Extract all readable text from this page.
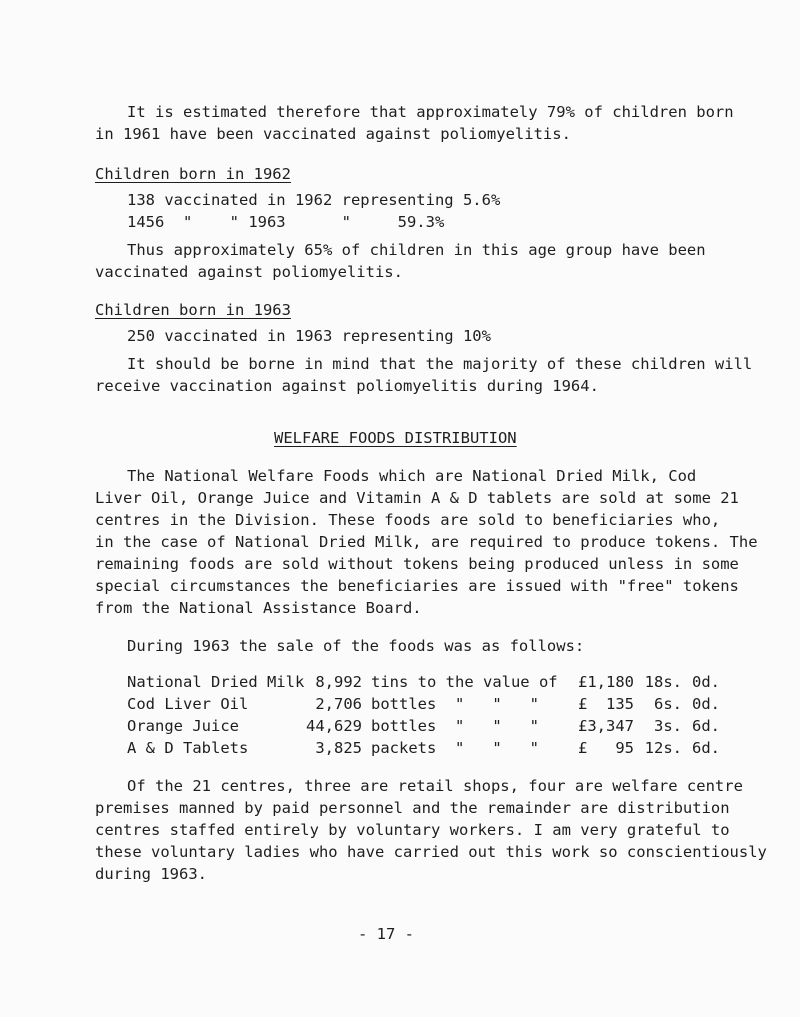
It is estimated therefore that approximately 79% of children born
in 1961 have been vaccinated against poliomyelitis.
Children born in 1962
138 vaccinated in 1962 representing 5.6%
1456  "    " 1963      "     59.3%
Thus approximately 65% of children in this age group have been
vaccinated against poliomyelitis.
Children born in 1963
250 vaccinated in 1963 representing 10%
It should be borne in mind that the majority of these children will
receive vaccination against poliomyelitis during 1964.
WELFARE FOODS DISTRIBUTION
The National Welfare Foods which are National Dried Milk, Cod
Liver Oil, Orange Juice and Vitamin A & D tablets are sold at some 21
centres in the Division. These foods are sold to beneficiaries who,
in the case of National Dried Milk, are required to produce tokens. The
remaining foods are sold without tokens being produced unless in some
special circumstances the beneficiaries are issued with "free" tokens
from the National Assistance Board.
During 1963 the sale of the foods was as follows:
National Dried Milk 8,992 tins to the value of £1,180 18s. 0d.
Cod Liver Oil	2,706 bottles  "   "   "	£  135	6s. 0d.
Orange Juice	44,629 bottles  "   "   "	£3,347	3s. 6d.
A & D Tablets	3,825 packets  "   "   "	£   95 12s. 6d.
Of the 21 centres, three are retail shops, four are welfare centre
premises manned by paid personnel and the remainder are distribution
centres staffed entirely by voluntary workers. I am very grateful to
these voluntary ladies who have carried out this work so conscientiously
during 1963.
- 17 -
